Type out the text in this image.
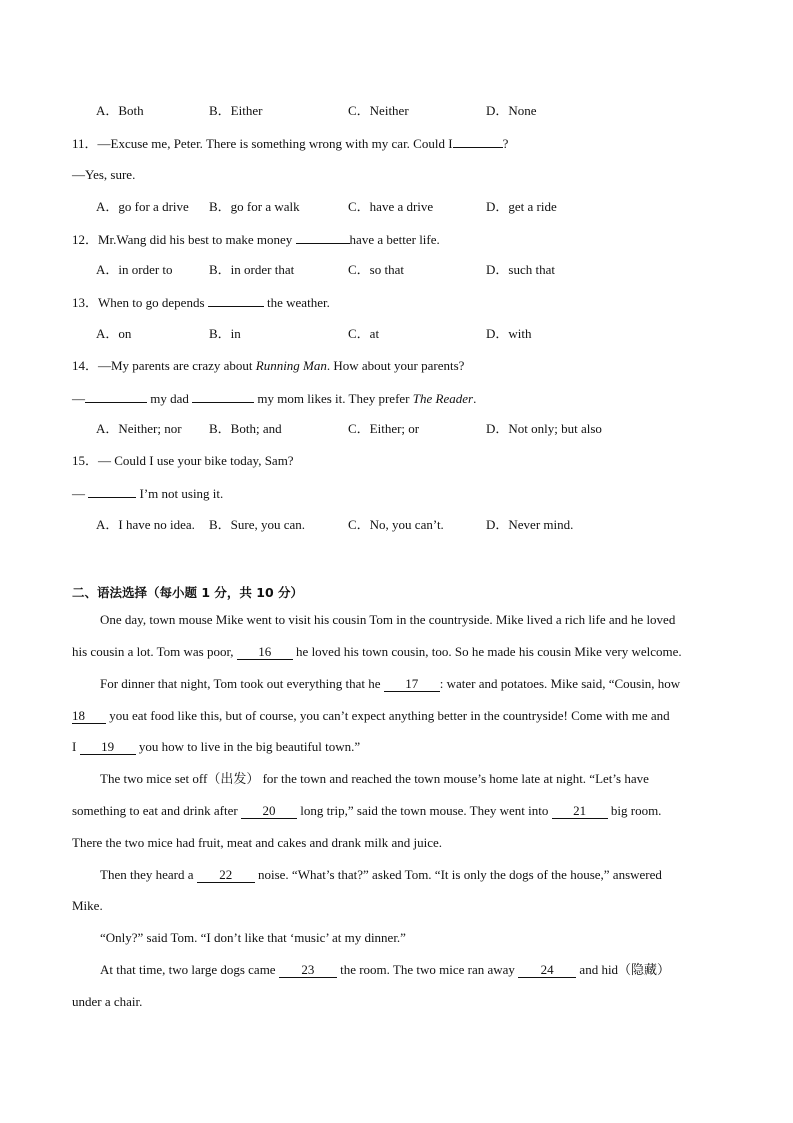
A．Both	B．Either	C．Neither	D．None
11．—Excuse me, Peter. There is something wrong with my car. Could I	?
—Yes, sure.
A．go for a drive B．go for a walk	C．have a drive	D．get a ride
12．Mr.Wang did his best to make money	have a better life.
A．in order to	B．in order that	C．so that	D．such that
13．When to go depends	the weather.
A．on	B．in	C．at	D．with
14．—My parents are crazy about Running Man. How about your parents?
—	my dad	my mom likes it. They prefer The Reader.
A．Neither; nor B．Both; and	C．Either; or	D．Not only; but also
15．— Could I use your bike today, Sam?
—	I’m not using it.
A．I have no idea. B．Sure, you can.	C．No, you can’t.	D．Never mind.
二、语法选择（每小题 1 分，共 10 分）
One day, town mouse Mike went to visit his cousin Tom in the countryside. Mike lived a rich life and he loved
his cousin a lot. Tom was poor, 16 he loved his town cousin, too. So he made his cousin Mike very welcome.
For dinner that night, Tom took out everything that he 17 : water and potatoes. Mike said, “Cousin, how
18 you eat food like this, but of course, you can’t expect anything better in the countryside! Come with me and
I 19 you how to live in the big beautiful town.”
The two mice set off（出发） for the town and reached the town mouse’s home late at night. “Let’s have
something to eat and drink after 20 long trip,” said the town mouse. They went into 21 big room.
There the two mice had fruit, meat and cakes and drank milk and juice.
Then they heard a 22 noise. “What’s that?” asked Tom. “It is only the dogs of the house,” answered
Mike.
“Only?” said Tom. “I don’t like that ‘music’ at my dinner.”
At that time, two large dogs came 23 the room. The two mice ran away 24 and hid（隐藏）
under a chair.
